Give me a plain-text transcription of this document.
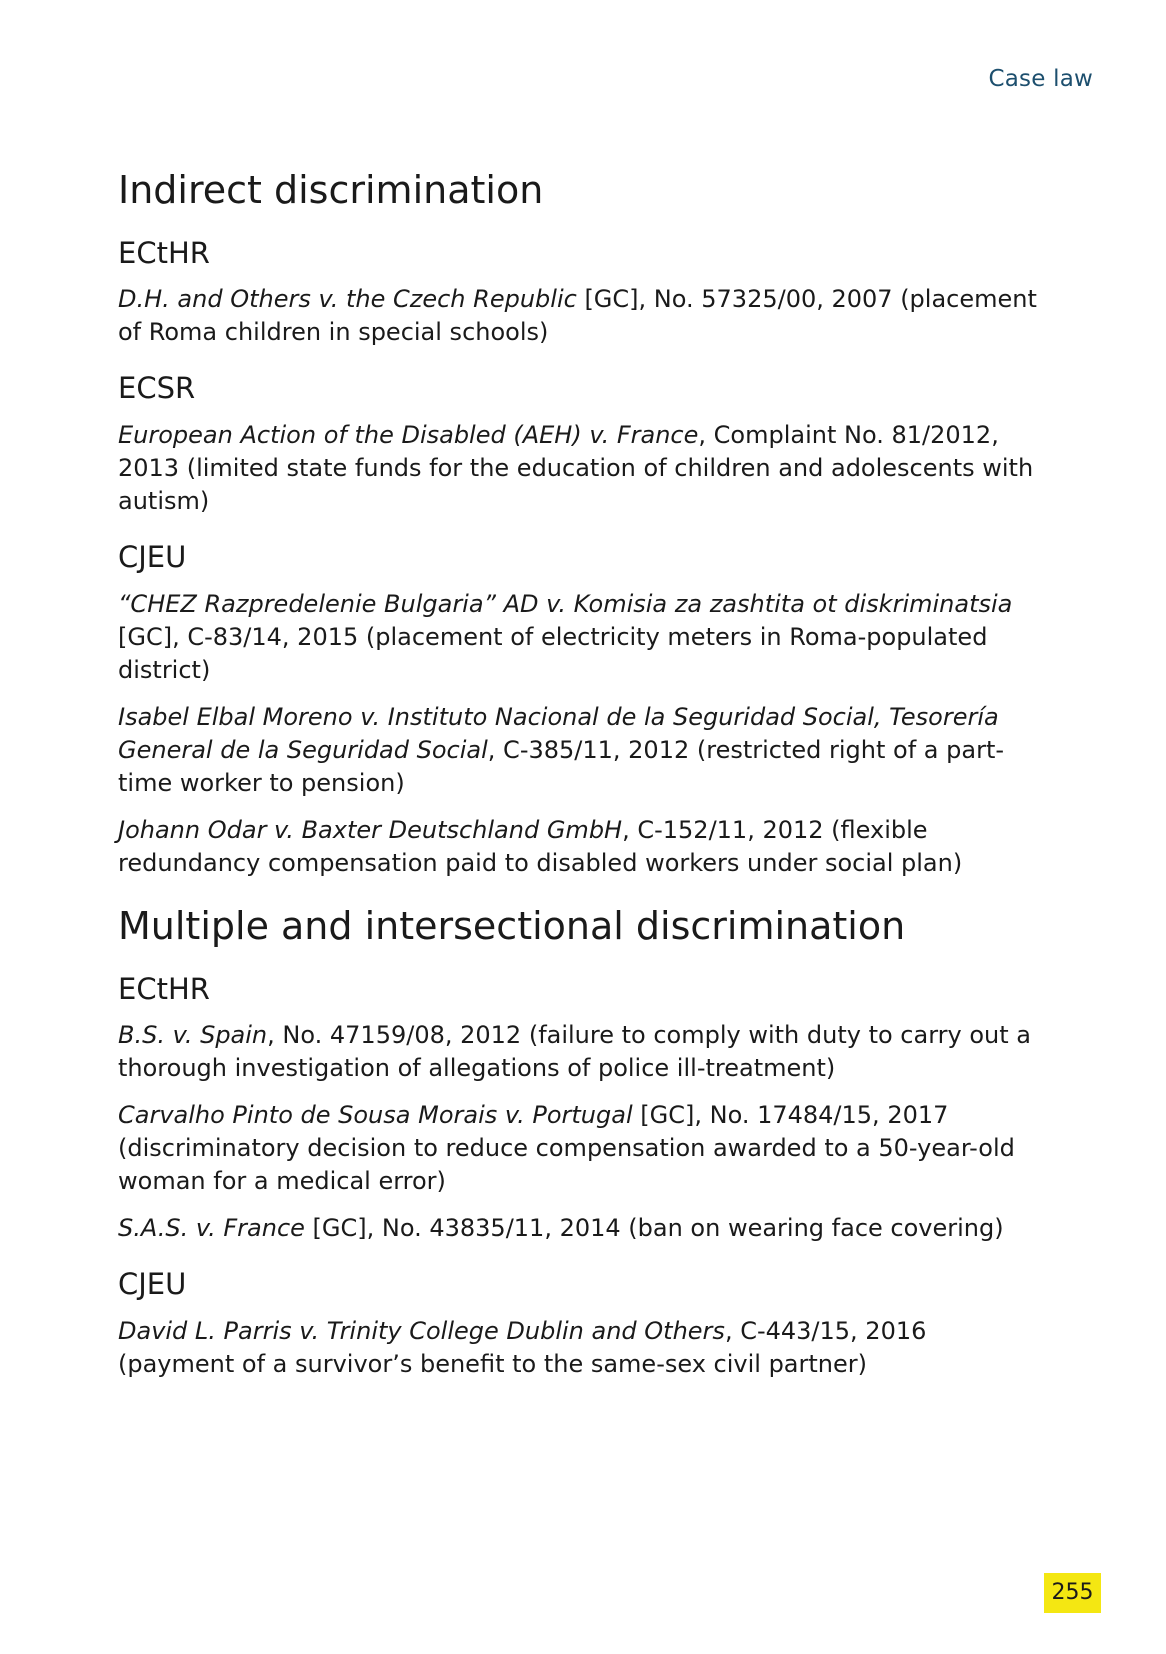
Case law
Indirect discrimination
ECtHR

D.H. and Others v. the Czech Republic [GC], No. 57325/00, 2007 (placement of Roma children in special schools)

ECSR

European Action of the Disabled (AEH) v. France, Complaint No. 81/2012, 2013 (limited state funds for the education of children and adolescents with autism)

CJEU

“CHEZ Razpredelenie Bulgaria” AD v. Komisia za zashtita ot diskriminatsia [GC], C-83/14, 2015 (placement of electricity meters in Roma-populated district)

Isabel Elbal Moreno v. Instituto Nacional de la Seguridad Social, Tesorería General de la Seguridad Social, C-385/11, 2012 (restricted right of a part-time worker to pension)

Johann Odar v. Baxter Deutschland GmbH, C-152/11, 2012 (flexible redundancy compensation paid to disabled workers under social plan)

Multiple and intersectional discrimination
ECtHR

B.S. v. Spain, No. 47159/08, 2012 (failure to comply with duty to carry out a thorough investigation of allegations of police ill-treatment)

Carvalho Pinto de Sousa Morais v. Portugal [GC], No. 17484/15, 2017 (discriminatory decision to reduce compensation awarded to a 50-year-old woman for a medical error)

S.A.S. v. France [GC], No. 43835/11, 2014 (ban on wearing face covering)

CJEU

David L. Parris v. Trinity College Dublin and Others, C-443/15, 2016 (payment of a survivor’s benefit to the same-sex civil partner)

255
